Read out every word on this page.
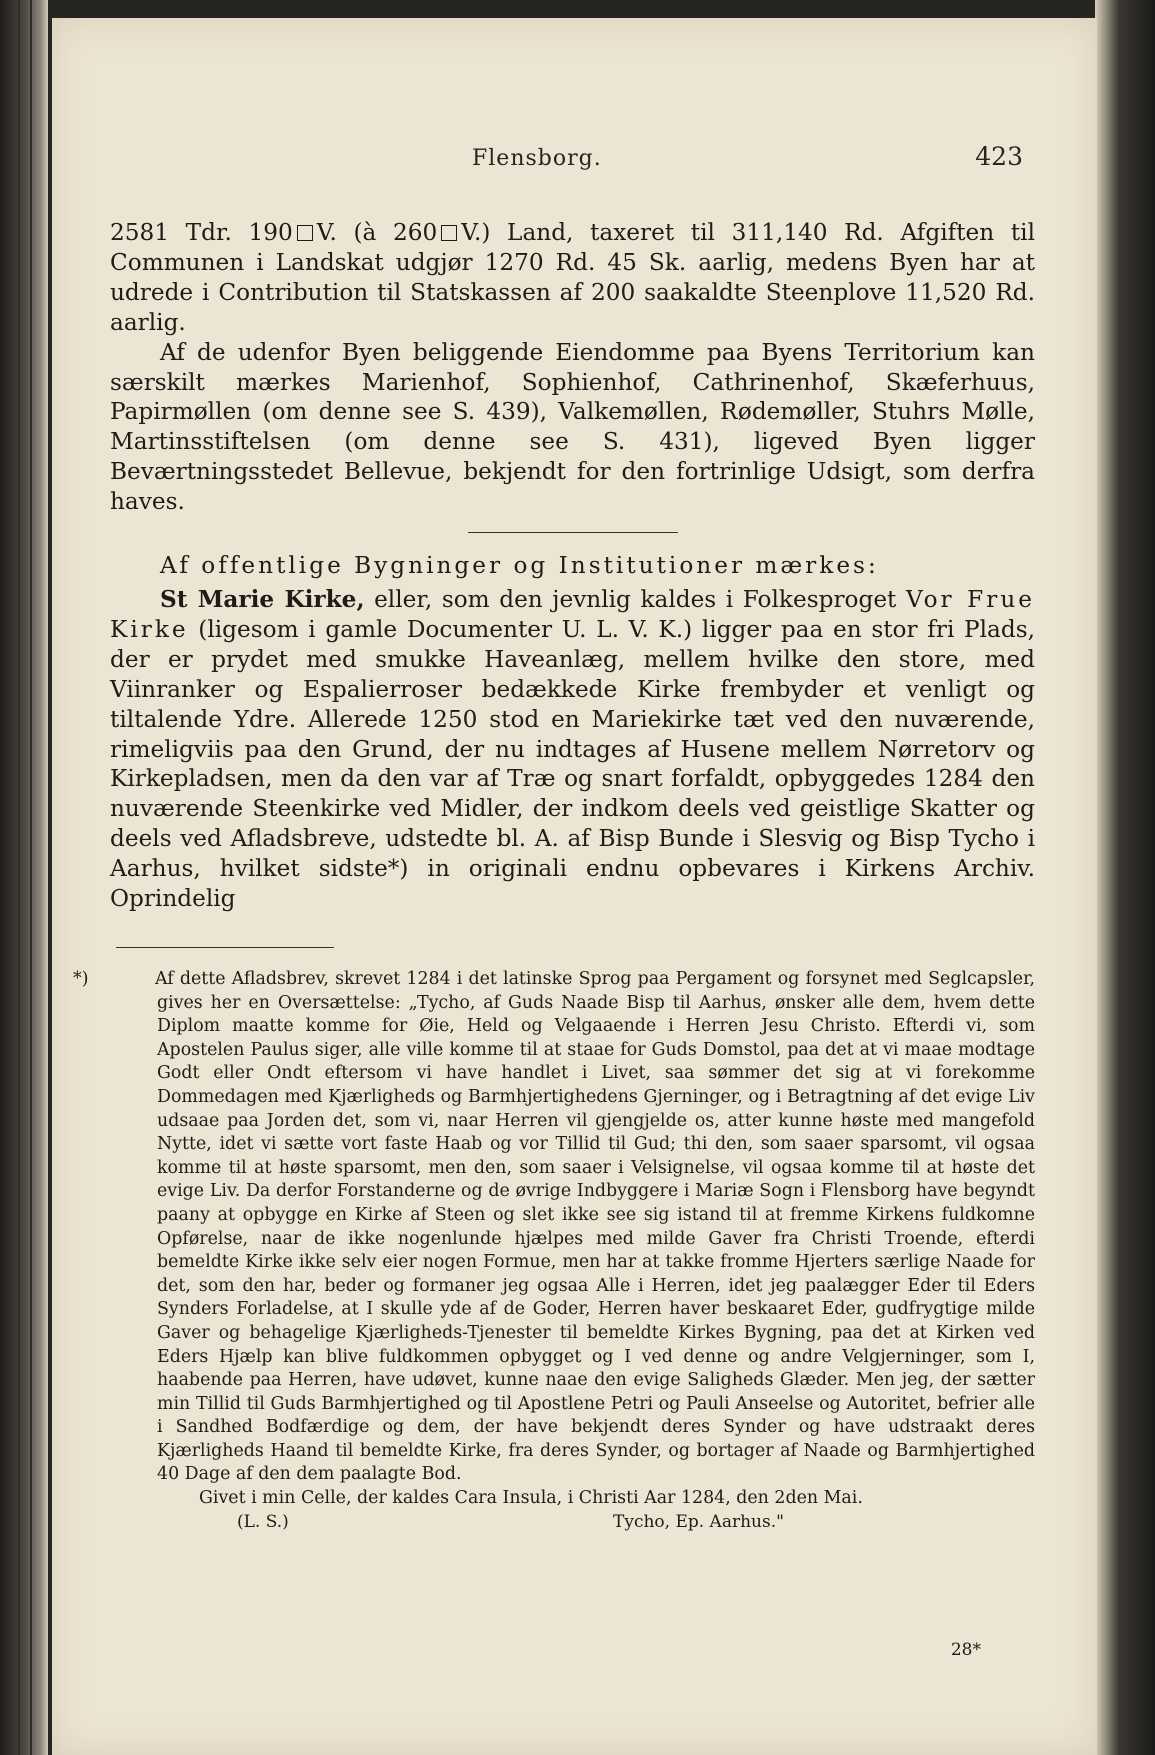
Flensborg.	423

2581 Tdr. 190 V. (à 260 V.) Land, taxeret til 311,140 Rd. Afgiften til Communen i Landskat udgjør 1270 Rd. 45 Sk. aarlig, medens Byen har at udrede i Contribution til Statskassen af 200 saakaldte Steenplove 11,520 Rd. aarlig.

Af de udenfor Byen beliggende Eiendomme paa Byens Territorium kan særskilt mærkes Marienhof, Sophienhof, Cathrinenhof, Skæferhuus, Papirmøllen (om denne see S. 439), Valkemøllen, Rødemøller, Stuhrs Mølle, Martinsstiftelsen (om denne see S. 431), ligeved Byen ligger Beværtningsstedet Bellevue, bekjendt for den fortrinlige Udsigt, som derfra haves.

Af offentlige Bygninger og Institutioner mærkes:

St Marie Kirke, eller, som den jevnlig kaldes i Folkesproget Vor Frue Kirke (ligesom i gamle Documenter U. L. V. K.) ligger paa en stor fri Plads, der er prydet med smukke Haveanlæg, mellem hvilke den store, med Viinranker og Espalierroser bedækkede Kirke frembyder et venligt og tiltalende Ydre. Allerede 1250 stod en Mariekirke tæt ved den nuværende, rimeligviis paa den Grund, der nu indtages af Husene mellem Nørretorv og Kirkepladsen, men da den var af Træ og snart forfaldt, opbyggedes 1284 den nuværende Steenkirke ved Midler, der indkom deels ved geistlige Skatter og deels ved Afladsbreve, udstedte bl. A. af Bisp Bunde i Slesvig og Bisp Tycho i Aarhus, hvilket sidste*) in originali endnu opbevares i Kirkens Archiv. Oprindelig

*)	Af dette Afladsbrev, skrevet 1284 i det latinske Sprog paa Pergament og forsynet med Seglcapsler, gives her en Oversættelse: „Tycho, af Guds Naade Bisp til Aarhus, ønsker alle dem, hvem dette Diplom maatte komme for Øie, Held og Velgaaende i Herren Jesu Christo. Efterdi vi, som Apostelen Paulus siger, alle ville komme til at staae for Guds Domstol, paa det at vi maae modtage Godt eller Ondt eftersom vi have handlet i Livet, saa sømmer det sig at vi forekomme Dommedagen med Kjærligheds og Barmhjertighedens Gjerninger, og i Betragtning af det evige Liv udsaae paa Jorden det, som vi, naar Herren vil gjengjelde os, atter kunne høste med mangefold Nytte, idet vi sætte vort faste Haab og vor Tillid til Gud; thi den, som saaer sparsomt, vil ogsaa komme til at høste sparsomt, men den, som saaer i Velsignelse, vil ogsaa komme til at høste det evige Liv. Da derfor Forstanderne og de øvrige Indbyggere i Mariæ Sogn i Flensborg have begyndt paany at opbygge en Kirke af Steen og slet ikke see sig istand til at fremme Kirkens fuldkomne Opførelse, naar de ikke nogenlunde hjælpes med milde Gaver fra Christi Troende, efterdi bemeldte Kirke ikke selv eier nogen Formue, men har at takke fromme Hjerters særlige Naade for det, som den har, beder og formaner jeg ogsaa Alle i Herren, idet jeg paalægger Eder til Eders Synders Forladelse, at I skulle yde af de Goder, Herren haver beskaaret Eder, gudfrygtige milde Gaver og behagelige Kjærligheds-Tjenester til bemeldte Kirkes Bygning, paa det at Kirken ved Eders Hjælp kan blive fuldkommen opbygget og I ved denne og andre Velgjerninger, som I, haabende paa Herren, have udøvet, kunne naae den evige Saligheds Glæder. Men jeg, der sætter min Tillid til Guds Barmhjertighed og til Apostlene Petri og Pauli Anseelse og Autoritet, befrier alle i Sandhed Bodfærdige og dem, der have bekjendt deres Synder og have udstraakt deres Kjærligheds Haand til bemeldte Kirke, fra deres Synder, og bortager af Naade og Barmhjertighed 40 Dage af den dem paalagte Bod.

Givet i min Celle, der kaldes Cara Insula, i Christi Aar 1284, den 2den Mai.

(L. S.)	Tycho, Ep. Aarhus."
28*
